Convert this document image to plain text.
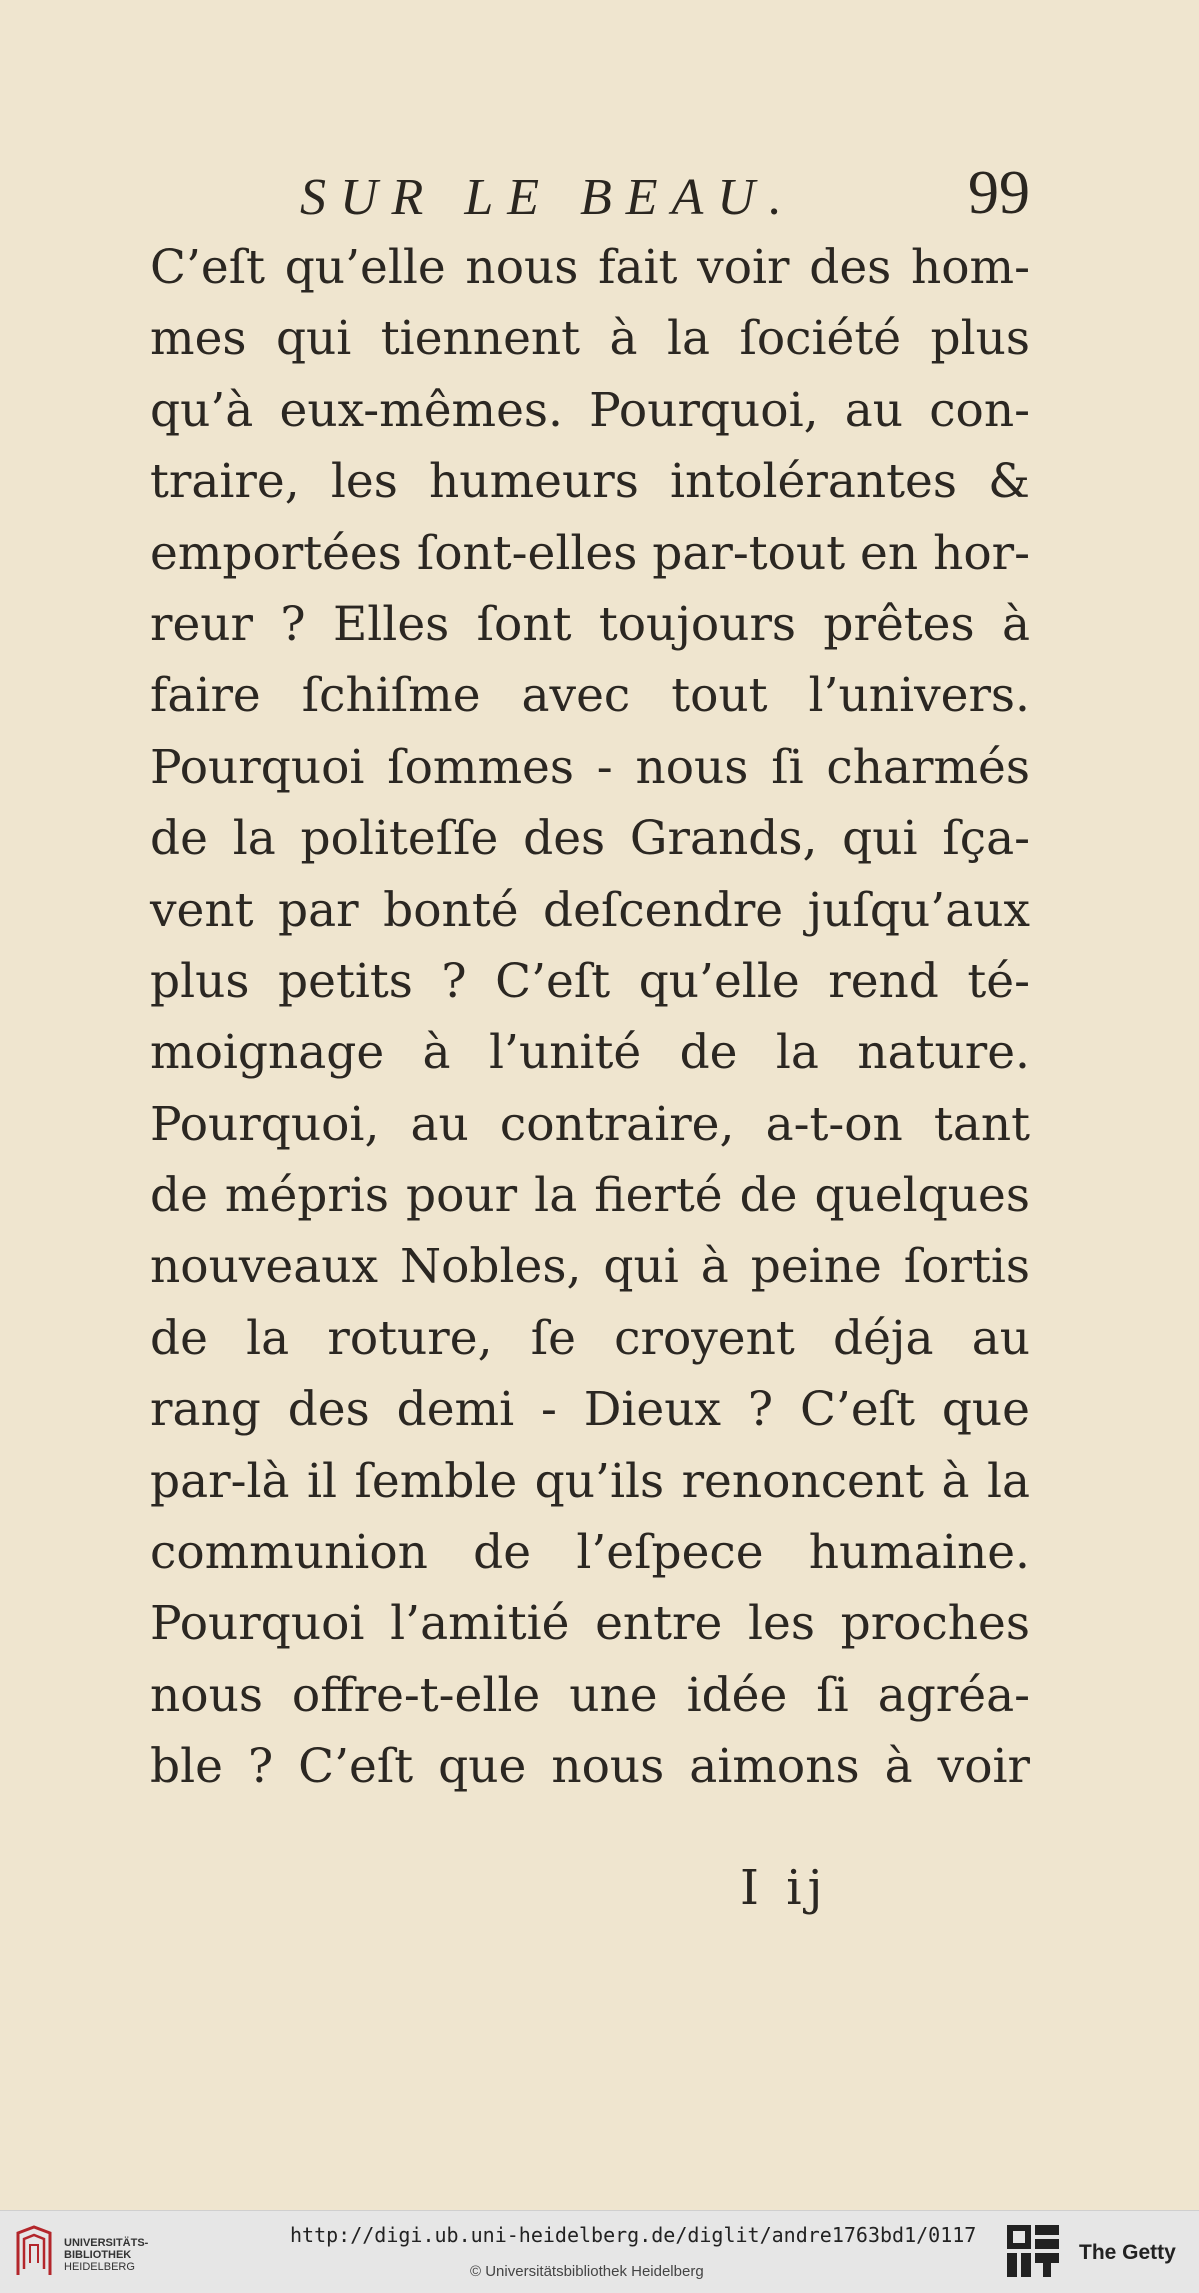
SUR LE BEAU.	99
C’eſt qu’elle nous fait voir des hom-
mes qui tiennent à la ſociété plus
qu’à eux-mêmes. Pourquoi, au con-
traire, les humeurs intolérantes &
emportées ſont-elles par-tout en hor-
reur ? Elles ſont toujours prêtes à
faire ſchiſme avec tout l’univers.
Pourquoi ſommes - nous ſi charmés
de la politeſſe des Grands, qui ſça-
vent par bonté deſcendre juſqu’aux
plus petits ? C’eſt qu’elle rend té-
moignage à l’unité de la nature.
Pourquoi, au contraire, a-t-on tant
de mépris pour la fierté de quelques
nouveaux Nobles, qui à peine ſortis
de la roture, ſe croyent déja au
rang des demi - Dieux ? C’eſt que
par-là il ſemble qu’ils renoncent à la
communion de l’eſpece humaine.
Pourquoi l’amitié entre les proches
nous offre-t-elle une idée ſi agréa-
ble ? C’eſt que nous aimons à voir
I ij
UNIVERSITÄTS-
BIBLIOTHEK
HEIDELBERG
http://digi.ub.uni-heidelberg.de/diglit/andre1763bd1/0117
© Universitätsbibliothek Heidelberg
The Getty
